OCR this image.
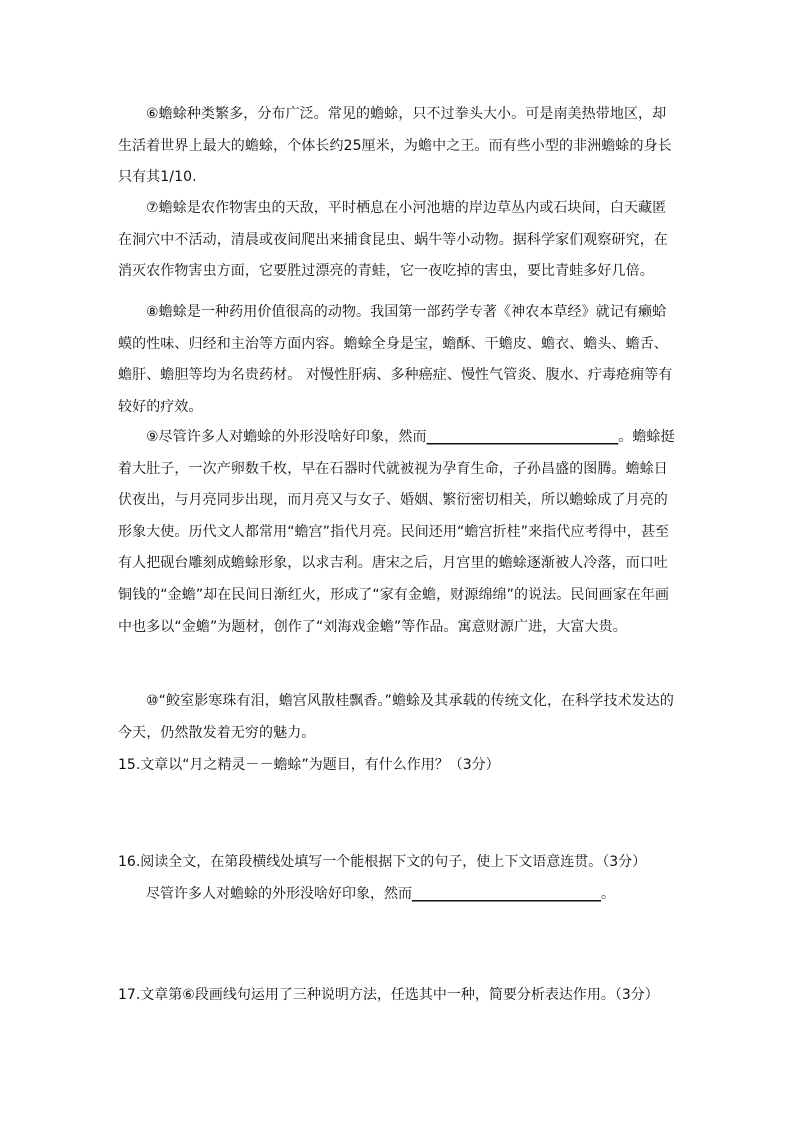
⑥蟾蜍种类繁多，分布广泛。常见的蟾蜍，只不过拳头大小。可是南美热带地区，却生活着世界上最大的蟾蜍，个体长约25厘米，为蟾中之王。而有些小型的非洲蟾蜍的身长只有其1/10.
⑦蟾蜍是农作物害虫的天敌，平时栖息在小河池塘的岸边草丛内或石块间，白天藏匿在洞穴中不活动，清晨或夜间爬出来捕食昆虫、蜗牛等小动物。据科学家们观察研究，在消灭农作物害虫方面，它要胜过漂亮的青蛙，它一夜吃掉的害虫，要比青蛙多好几倍。
⑧蟾蜍是一种药用价值很高的动物。我国第一部药学专著《神农本草经》就记有癞蛤蟆的性味、归经和主治等方面内容。蟾蜍全身是宝，蟾酥、干蟾皮、蟾衣、蟾头、蟾舌、蟾肝、蟾胆等均为名贵药材。 对慢性肝病、多种癌症、慢性气管炎、腹水、疔毒疮痈等有较好的疗效。
⑨尽管许多人对蟾蜍的外形没啥好印象，然而___________________________。蟾蜍挺着大肚子，一次产卵数千枚，早在石器时代就被视为孕育生命，子孙昌盛的图腾。蟾蜍日伏夜出，与月亮同步出现，而月亮又与女子、婚姻、繁衍密切相关，所以蟾蜍成了月亮的形象大使。历代文人都常用“蟾宫”指代月亮。民间还用“蟾宫折桂”来指代应考得中，甚至有人把砚台雕刻成蟾蜍形象，以求吉利。唐宋之后，月宫里的蟾蜍逐渐被人冷落，而口吐铜钱的“金蟾”却在民间日渐红火，形成了“家有金蟾，财源绵绵”的说法。民间画家在年画中也多以“金蟾”为题材，创作了“刘海戏金蟾”等作品。寓意财源广进，大富大贵。
⑩“鲛室影寒珠有泪，蟾宫风散桂飘香。”蟾蜍及其承载的传统文化，在科学技术发达的今天，仍然散发着无穷的魅力。
15.文章以“月之精灵－－蟾蜍”为题目，有什么作用？（3分）
16.阅读全文，在第段横线处填写一个能根据下文的句子，使上下文语意连贯。（3分）
尽管许多人对蟾蜍的外形没啥好印象，然而___________________________。
17.文章第⑥段画线句运用了三种说明方法，任选其中一种，简要分析表达作用。（3分）
